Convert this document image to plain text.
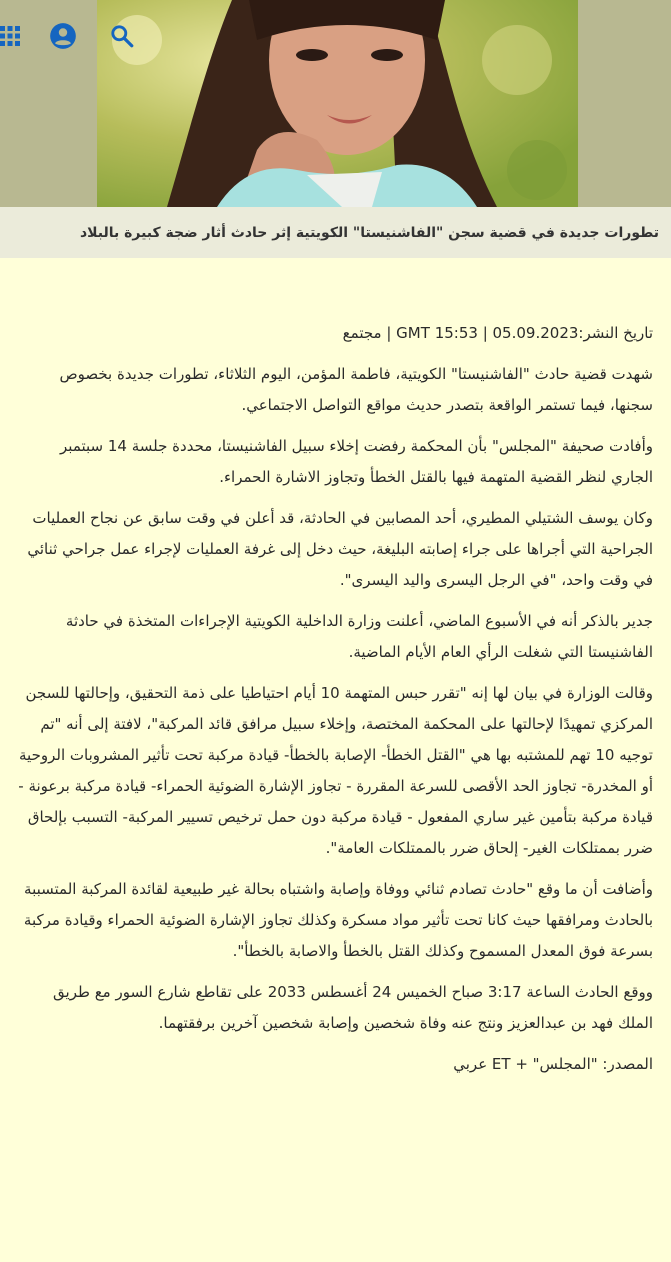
تطورات جديدة في قضية سجن "الفاشنيستا" الكويتية إثر حادث أثار ضجة كبيرة بالبلاد
تاريخ النشر:05.09.2023 | 15:53 GMT | مجتمع

شهدت قضية حادث "الفاشنيستا" الكويتية، فاطمة المؤمن، اليوم الثلاثاء، تطورات جديدة بخصوص سجنها، فيما تستمر الواقعة بتصدر حديث مواقع التواصل الاجتماعي.

وأفادت صحيفة "المجلس" بأن المحكمة رفضت إخلاء سبيل الفاشنيستا، محددة جلسة 14 سبتمبر الجاري لنظر القضية المتهمة فيها بالقتل الخطأ وتجاوز الاشارة الحمراء.

وكان يوسف الشتيلي المطيري، أحد المصابين في الحادثة، قد أعلن في وقت سابق عن نجاح العمليات الجراحية التي أجراها على جراء إصابته البليغة، حيث دخل إلى غرفة العمليات لإجراء عمل جراحي ثنائي في وقت واحد، "في الرجل اليسرى واليد اليسرى".

جدير بالذكر أنه في الأسبوع الماضي، أعلنت وزارة الداخلية الكويتية الإجراءات المتخذة في حادثة الفاشنيستا التي شغلت الرأي العام الأيام الماضية.

وقالت الوزارة في بيان لها إنه "تقرر حبس المتهمة 10 أيام احتياطيا على ذمة التحقيق، وإحالتها للسجن المركزي تمهيدًا لإحالتها على المحكمة المختصة، وإخلاء سبيل مرافق قائد المركبة"، لافتة إلى أنه "تم توجيه 10 تهم للمشتبه بها هي "القتل الخطأ- الإصابة بالخطأ- قيادة مركبة تحت تأثير المشروبات الروحية أو المخدرة- تجاوز الحد الأقصى للسرعة المقررة - تجاوز الإشارة الضوئية الحمراء- قيادة مركبة برعونة - قيادة مركبة بتأمين غير ساري المفعول - قيادة مركبة دون حمل ترخيص تسيير المركبة- التسبب بإلحاق ضرر بممتلكات الغير- إلحاق ضرر بالممتلكات العامة".

وأضافت أن ما وقع "حادث تصادم ثنائي ووفاة وإصابة واشتباه بحالة غير طبيعية لقائدة المركبة المتسببة بالحادث ومرافقها حيث كانا تحت تأثير مواد مسكرة وكذلك تجاوز الإشارة الضوئية الحمراء وقيادة مركبة بسرعة فوق المعدل المسموح وكذلك القتل بالخطأ والاصابة بالخطأ".

ووقع الحادث الساعة 3:17 صباح الخميس 24 أغسطس 2033 على تقاطع شارع السور مع طريق الملك فهد بن عبدالعزيز ونتج عنه وفاة شخصين وإصابة شخصين آخرين برفقتهما.

المصدر: "المجلس" + ET عربي
